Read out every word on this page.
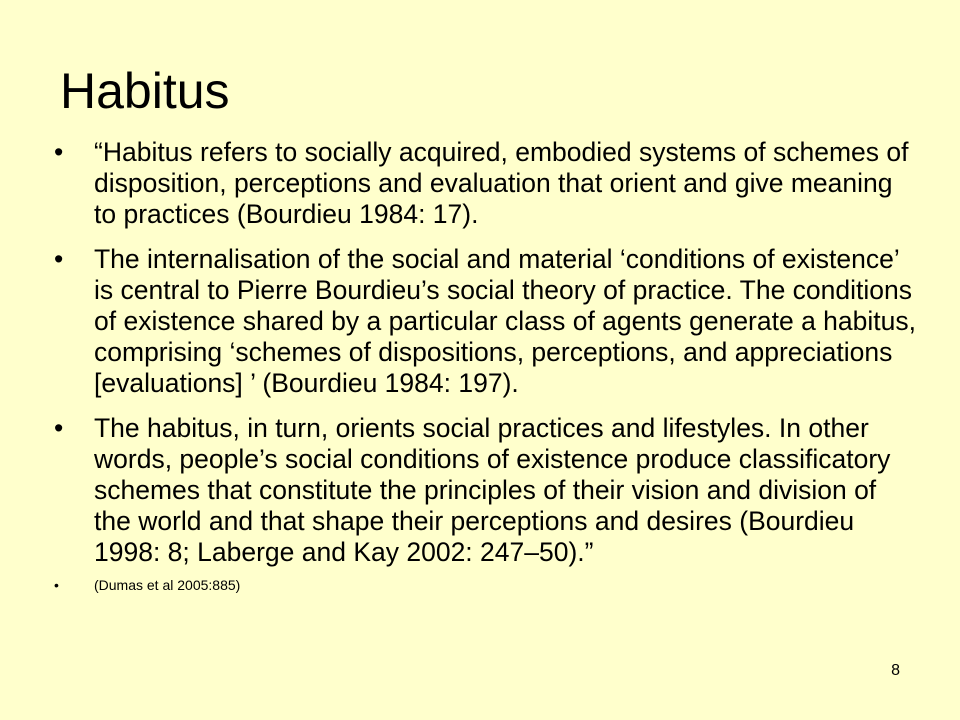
Habitus
• “Habitus refers to socially acquired, embodied systems of schemes of disposition, perceptions and evaluation that orient and give meaning to practices (Bourdieu 1984: 17).
• The internalisation of the social and material ‘conditions of existence’ is central to Pierre Bourdieu’s social theory of practice. The conditions of existence shared by a particular class of agents generate a habitus, comprising ‘schemes of dispositions, perceptions, and appreciations [evaluations] ’ (Bourdieu 1984: 197).
• The habitus, in turn, orients social practices and lifestyles. In other words, people’s social conditions of existence produce classificatory schemes that constitute the principles of their vision and division of the world and that shape their perceptions and desires (Bourdieu 1998: 8; Laberge and Kay 2002: 247–50).”
•	(Dumas et al 2005:885)
8
